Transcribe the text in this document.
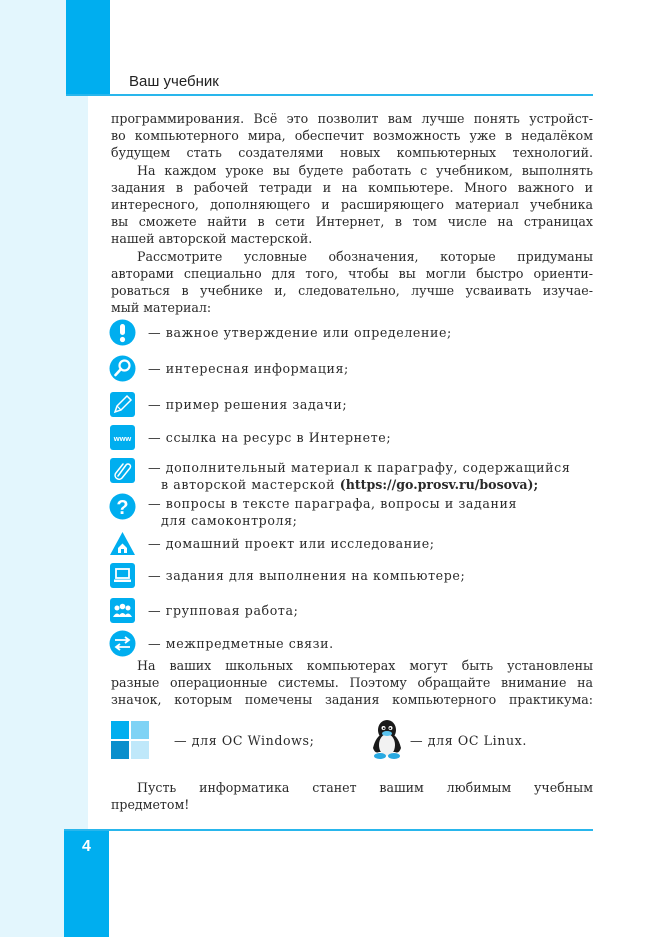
Ваш учебник
4
программирования. Всё это позволит вам лучше понять устройст-
во компьютерного мира, обеспечит возможность уже в недалёком
будущем стать создателями новых компьютерных технологий.
На каждом уроке вы будете работать с учебником, выполнять
задания в рабочей тетради и на компьютере. Много важного и
интересного, дополняющего и расширяющего материал учебника
вы сможете найти в сети Интернет, в том числе на страницах
нашей авторской мастерской.
Рассмотрите условные обозначения, которые придуманы
авторами специально для того, чтобы вы могли быстро ориенти-
роваться в учебнике и, следовательно, лучше усваивать изучае-
мый материал:
— важное утверждение или определение;
— интересная информация;
— пример решения задачи;
www — ссылка на ресурс в Интернете;
— дополнительный материал к параграфу, содержащийся
в авторской мастерской (https://go.prosv.ru/bosova);
? — вопросы в тексте параграфа, вопросы и задания
для самоконтроля;
— домашний проект или исследование;
— задания для выполнения на компьютере;
— групповая работа;
— межпредметные связи.
На ваших школьных компьютерах могут быть установлены
разные операционные системы. Поэтому обращайте внимание на
значок, которым помечены задания компьютерного практикума:
— для ОС Windows;	— для ОС Linux.
Пусть информатика станет вашим любимым учебным
предметом!
